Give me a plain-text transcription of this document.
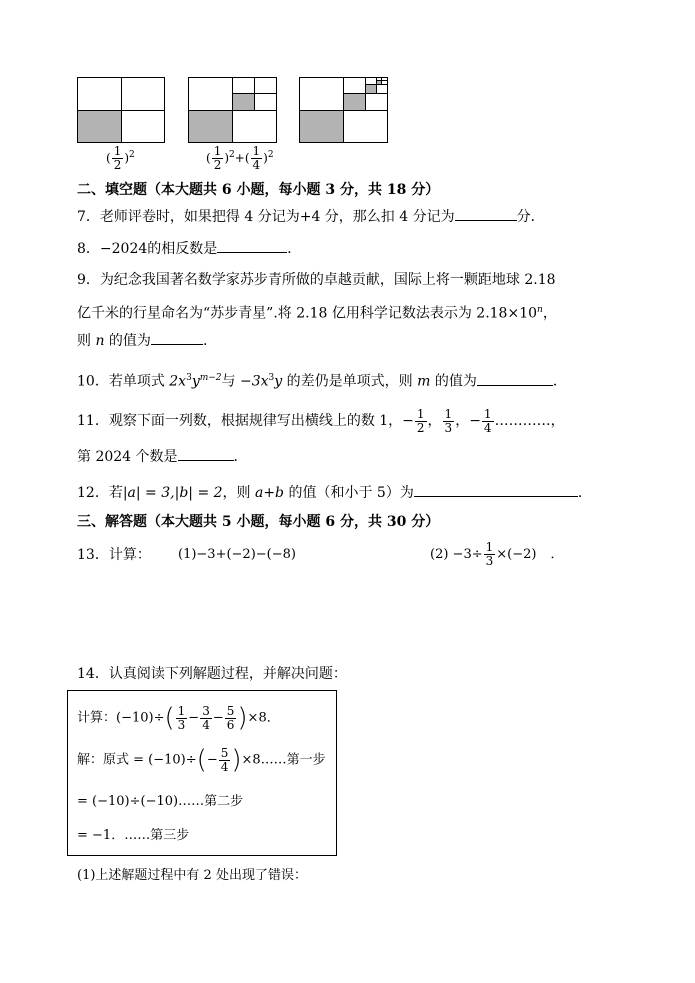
( $\frac{1}{2} )^2$	( $\frac{1}{2} )^2+( \frac{1}{4} )^2$
二、填空题（本大题共 6 小题，每小题 3 分，共 18 分）
7．老师评卷时，如果把得 4 分记为+4 分，那么扣 4 分记为	分．
8．−2024的相反数是	．
9．为纪念我国著名数学家苏步青所做的卓越贡献，国际上将一颗距地球 2.18
亿千米的行星命名为“苏步青星”.将 2.18 亿用科学记数法表示为 $2.18\times 10^n$，
则 n 的值为	.
10．若单项式 $2x^3y^{m-2}$与 $-3x^3y$ 的差仍是单项式，则 m 的值为	．
11．观察下面一列数，根据规律写出横线上的数 1，− $\frac{1}{2}$ ， $\frac{1}{3}$ ，− $\frac{1}{4}$ …………，
第 2024 个数是	．
12．若|a| = 3,|b| = 2，则 a+b 的值（和小于 5）为	．
三、解答题（本大题共 5 小题，每小题 6 分，共 30 分）
13．计算： (1)−3+(−2)−(−8)	$(2) -3\div \frac{1}{3} \times(-2)$ ．
14．认真阅读下列解题过程，并解决问题：
计算：$(-10)\div( \frac{1}{3} - \frac{3}{4} - \frac{5}{6} )\times 8$．
解：原式 = $(-10)\div(- \frac{5}{4}$ )×8……第一步
= (−10)÷(−10)……第二步
= −1．……第三步
(1)上述解题过程中有 2 处出现了错误：
